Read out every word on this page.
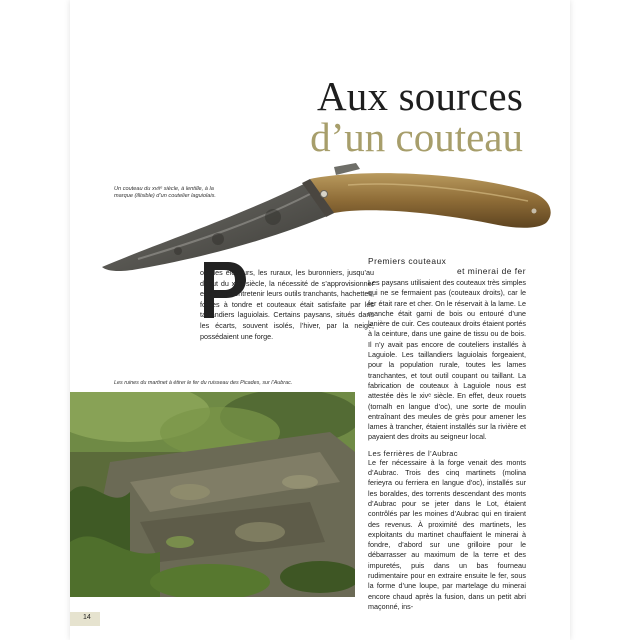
Aux sources
d’un couteau
Un couteau du xviiᵉ siècle, à lentille, à la marque (illisible) d’un coutelier laguiolais.
P

our les éleveurs, les ruraux, les buronniers, jusqu’au début du xixᵉ siècle, la nécessité de s’approvisionner et de faire entretenir leurs outils tranchants, hachettes, forces à tondre et couteaux était satisfaite par les taillandiers laguiolais. Certains paysans, situés dans les écarts, souvent isolés, l’hiver, par la neige, possédaient une forge.

Les ruines du martinet à étirer le fer du ruisseau des Picades, sur l’Aubrac.

Premiers couteaux

et minerai de fer

Les paysans utilisaient des couteaux très simples qui ne se fermaient pas (couteaux droits), car le fer était rare et cher. On le réservait à la lame. Le manche était garni de bois ou entouré d’une lanière de cuir. Ces couteaux droits étaient portés à la ceinture, dans une gaine de tissu ou de bois. Il n’y avait pas encore de couteliers installés à Laguiole. Les taillandiers laguiolais forgeaient, pour la population rurale, toutes les lames tranchantes, et tout outil coupant ou taillant. La fabrication de couteaux à Laguiole nous est attestée dès le xivᵉ siècle. En effet, deux rouets (tornalh en langue d’oc), une sorte de moulin entraînant des meules de grès pour amener les lames à trancher, étaient installés sur la rivière et payaient des droits au seigneur local.

Les ferrières de l’Aubrac

Le fer nécessaire à la forge venait des monts d’Aubrac. Trois des cinq martinets (molina ferieyra ou ferriera en langue d’oc), installés sur les boraldes, des torrents descendant des monts d’Aubrac pour se jeter dans le Lot, étaient contrôlés par les moines d’Aubrac qui en tiraient des revenus. À proximité des martinets, les exploitants du martinet chauffaient le minerai à fondre, d’abord sur une grilloire pour le débarrasser au maximum de la terre et des impuretés, puis dans un bas fourneau rudimentaire pour en extraire ensuite le fer, sous la forme d’une loupe, par martelage du minerai encore chaud après la fusion, dans un petit abri maçonné, ins-

14
